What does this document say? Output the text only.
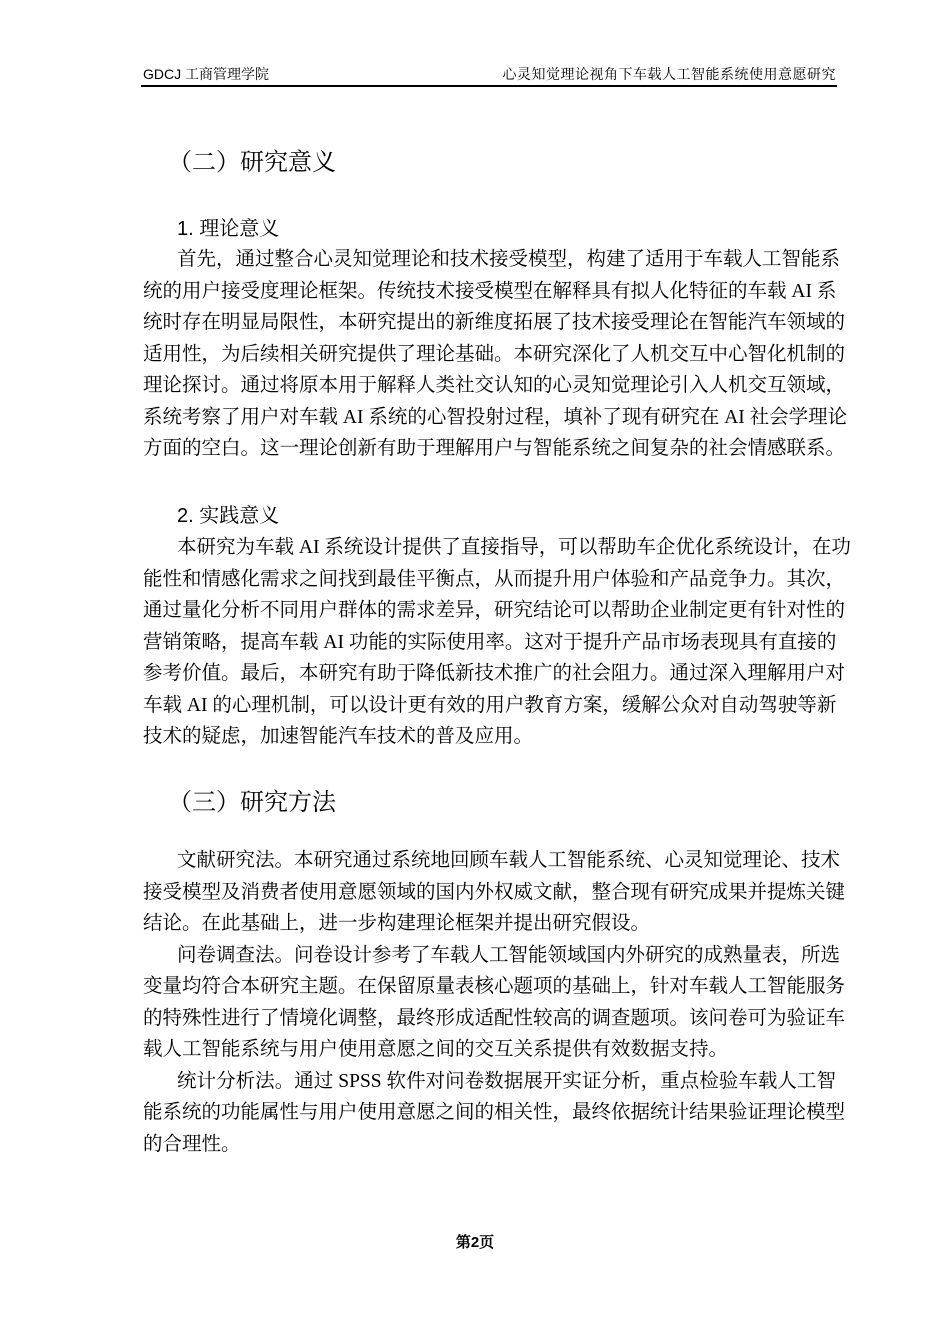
GDCJ 工商管理学院	心灵知觉理论视角下车载人工智能系统使用意愿研究
（二）研究意义
1. 理论意义
首先，通过整合心灵知觉理论和技术接受模型，构建了适用于车载人工智能系
统的用户接受度理论框架。传统技术接受模型在解释具有拟人化特征的车载 AI 系
统时存在明显局限性，本研究提出的新维度拓展了技术接受理论在智能汽车领域的
适用性，为后续相关研究提供了理论基础。本研究深化了人机交互中心智化机制的
理论探讨。通过将原本用于解释人类社交认知的心灵知觉理论引入人机交互领域，
系统考察了用户对车载 AI 系统的心智投射过程，填补了现有研究在 AI 社会学理论
方面的空白。这一理论创新有助于理解用户与智能系统之间复杂的社会情感联系。
2. 实践意义
本研究为车载 AI 系统设计提供了直接指导，可以帮助车企优化系统设计，在功
能性和情感化需求之间找到最佳平衡点，从而提升用户体验和产品竞争力。其次，
通过量化分析不同用户群体的需求差异，研究结论可以帮助企业制定更有针对性的
营销策略，提高车载 AI 功能的实际使用率。这对于提升产品市场表现具有直接的
参考价值。最后，本研究有助于降低新技术推广的社会阻力。通过深入理解用户对
车载 AI 的心理机制，可以设计更有效的用户教育方案，缓解公众对自动驾驶等新
技术的疑虑，加速智能汽车技术的普及应用。
（三）研究方法
文献研究法。本研究通过系统地回顾车载人工智能系统、心灵知觉理论、技术
接受模型及消费者使用意愿领域的国内外权威文献，整合现有研究成果并提炼关键
结论。在此基础上，进一步构建理论框架并提出研究假设。
问卷调查法。问卷设计参考了车载人工智能领域国内外研究的成熟量表，所选
变量均符合本研究主题。在保留原量表核心题项的基础上，针对车载人工智能服务
的特殊性进行了情境化调整，最终形成适配性较高的调查题项。该问卷可为验证车
载人工智能系统与用户使用意愿之间的交互关系提供有效数据支持。
统计分析法。通过 SPSS 软件对问卷数据展开实证分析，重点检验车载人工智
能系统的功能属性与用户使用意愿之间的相关性，最终依据统计结果验证理论模型
的合理性。
第2页
